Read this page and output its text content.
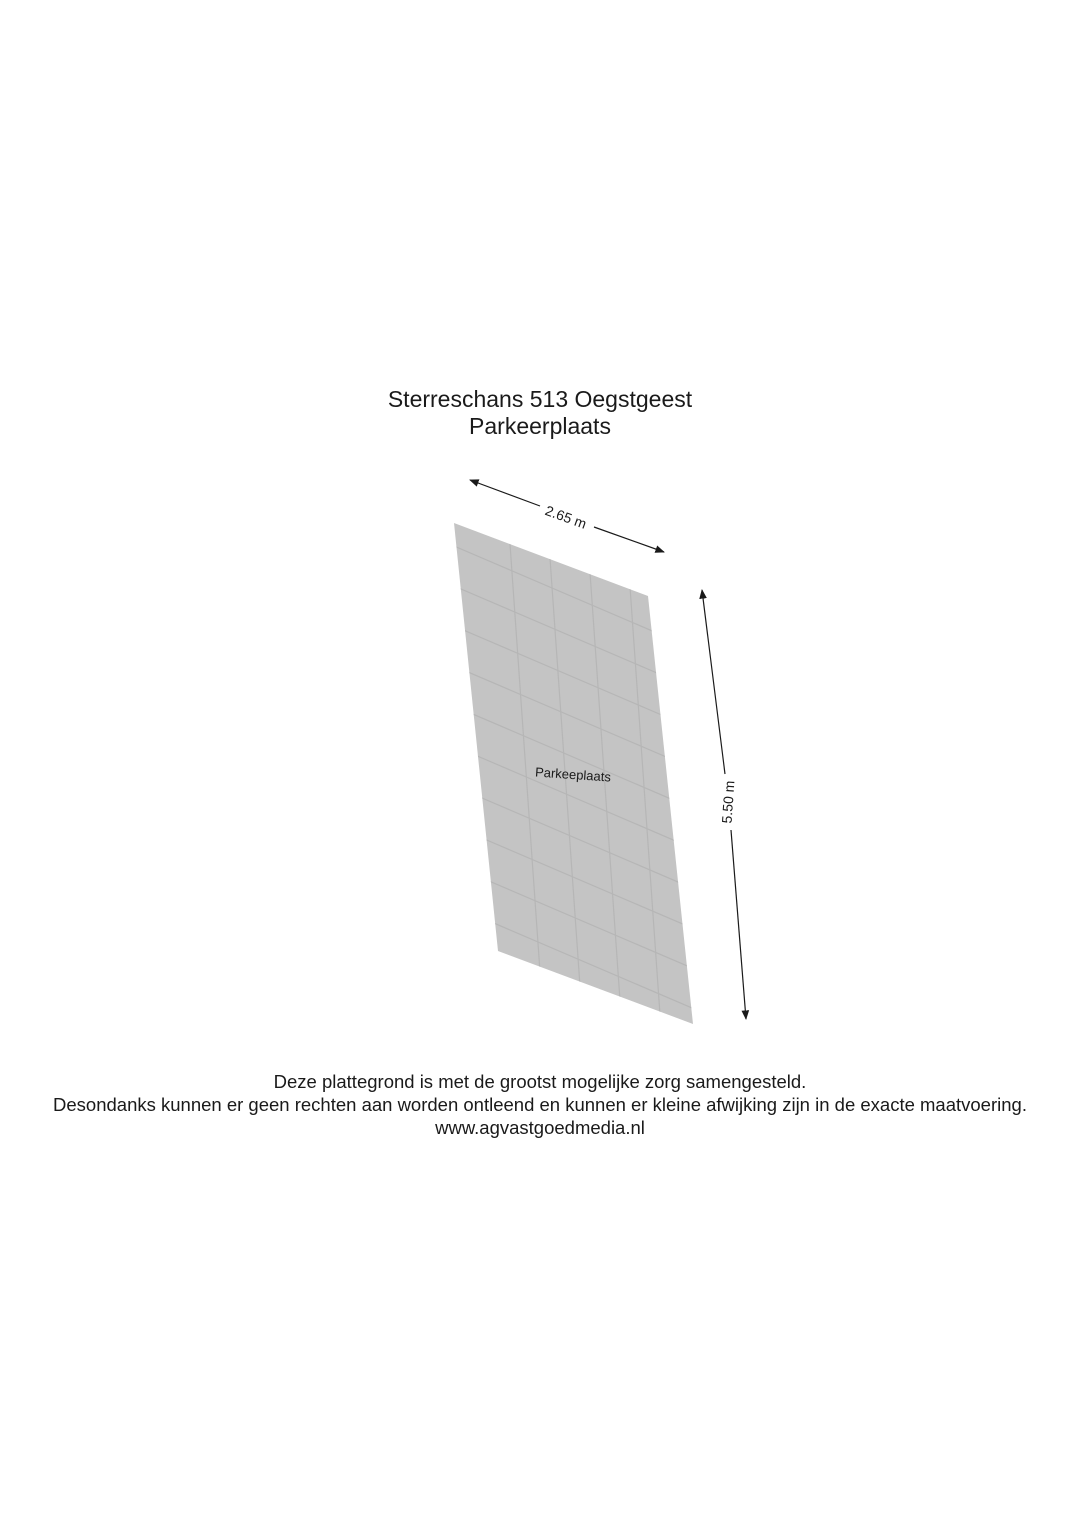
Sterreschans 513 Oegstgeest
Parkeerplaats
Parkeeplaats
2.65 m
5.50 m
Deze plattegrond is met de grootst mogelijke zorg samengesteld.
Desondanks kunnen er geen rechten aan worden ontleend en kunnen er kleine afwijking zijn in de exacte maatvoering.
www.agvastgoedmedia.nl
